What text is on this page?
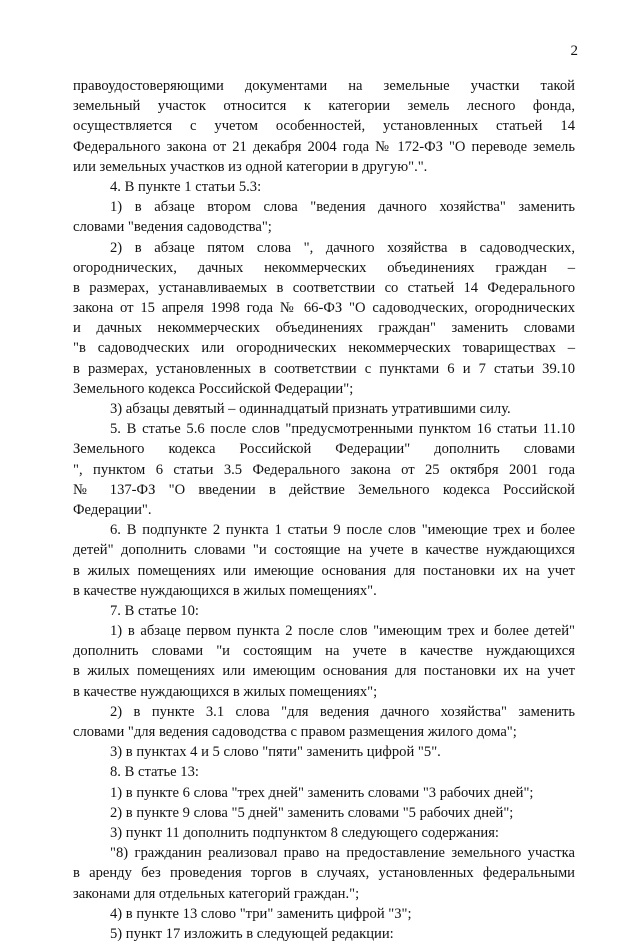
2
правоудостоверяющими документами на земельные участки такой
земельный участок относится к категории земель лесного фонда,
осуществляется с учетом особенностей, установленных статьей 14
Федерального закона от 21 декабря 2004 года № 172-ФЗ "О переводе земель
или земельных участков из одной категории в другую".".
4. В пункте 1 статьи 5.3:
1) в абзаце втором слова "ведения дачного хозяйства" заменить
словами "ведения садоводства";
2) в абзаце пятом слова ", дачного хозяйства в садоводческих,
огороднических, дачных некоммерческих объединениях граждан –
в размерах, устанавливаемых в соответствии со статьей 14 Федерального
закона от 15 апреля 1998 года № 66-ФЗ "О садоводческих, огороднических
и дачных некоммерческих объединениях граждан" заменить словами
"в садоводческих или огороднических некоммерческих товариществах –
в размерах, установленных в соответствии с пунктами 6 и 7 статьи 39.10
Земельного кодекса Российской Федерации";
3) абзацы девятый – одиннадцатый признать утратившими силу.
5. В статье 5.6 после слов "предусмотренными пунктом 16 статьи 11.10
Земельного кодекса Российской Федерации" дополнить словами
", пунктом 6 статьи 3.5 Федерального закона от 25 октября 2001 года
№ 137-ФЗ "О введении в действие Земельного кодекса Российской
Федерации".
6. В подпункте 2 пункта 1 статьи 9 после слов "имеющие трех и более
детей" дополнить словами "и состоящие на учете в качестве нуждающихся
в жилых помещениях или имеющие основания для постановки их на учет
в качестве нуждающихся в жилых помещениях".
7. В статье 10:
1) в абзаце первом пункта 2 после слов "имеющим трех и более детей"
дополнить словами "и состоящим на учете в качестве нуждающихся
в жилых помещениях или имеющим основания для постановки их на учет
в качестве нуждающихся в жилых помещениях";
2) в пункте 3.1 слова "для ведения дачного хозяйства" заменить
словами "для ведения садоводства с правом размещения жилого дома";
3) в пунктах 4 и 5 слово "пяти" заменить цифрой "5".
8. В статье 13:
1) в пункте 6 слова "трех дней" заменить словами "3 рабочих дней";
2) в пункте 9 слова "5 дней" заменить словами "5 рабочих дней";
3) пункт 11 дополнить подпунктом 8 следующего содержания:
"8) гражданин реализовал право на предоставление земельного участка
в аренду без проведения торгов в случаях, установленных федеральными
законами для отдельных категорий граждан.";
4) в пункте 13 слово "три" заменить цифрой "3";
5) пункт 17 изложить в следующей редакции:
